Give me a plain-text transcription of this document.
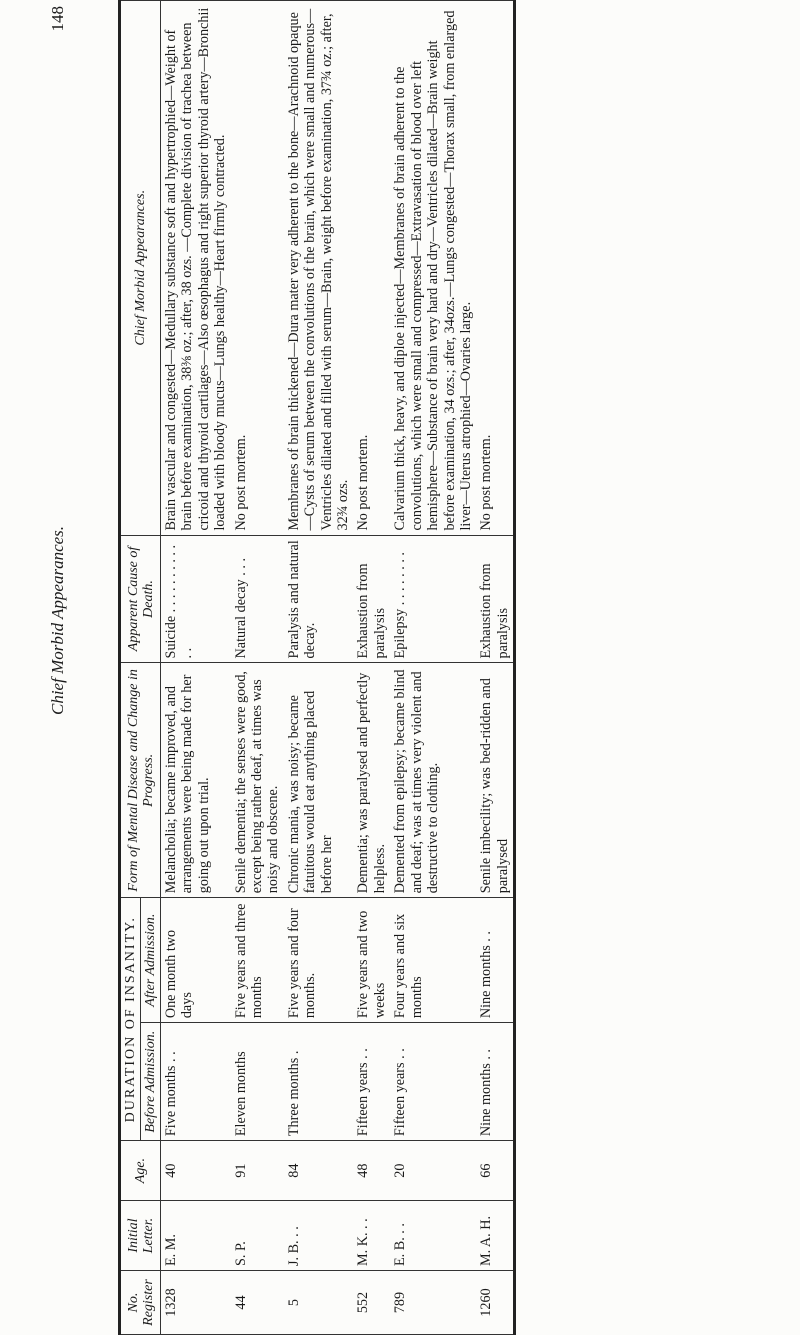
Chief Morbid Appearances.
148
No. Register	Initial Letter.	Age.	DURATION OF INSANITY.		Form of Mental Disease and Change in Progress.	Apparent Cause of Death.	Chief Morbid Appearances.
			Before Admission.	After Admission.			
1328	E. M.	40	Five months . .	One month two days	Melancholia; became improved, and arrangements were being made for her going out upon trial.	Suicide . . . . . . . . . . . .	Brain vascular and congested—Medullary substance soft and hypertrophied—Weight of brain before examination, 38⅜ oz.; after, 38 ozs. —Complete division of trachea between cricoid and thyroid cartilages—Also œsophagus and right superior thyroid artery—Bronchii loaded with bloody mucus—Lungs healthy—Heart firmly contracted.
44	S. P.	91	Eleven months	Five years and three months	Senile dementia; the senses were good, except being rather deaf, at times was noisy and obscene.	Natural decay . . .	No post mortem.
5	J. B. . .	84	Three months .	Five years and four months.	Chronic mania, was noisy; became fatuitous would eat anything placed before her	Paralysis and natural decay.	Membranes of brain thickened—Dura mater very adherent to the bone—Arachnoid opaque—Cysts of serum between the convolutions of the brain, which were small and numerous—Ventricles dilated and filled with serum—Brain, weight before examination, 37¾ oz.; after, 32¾ ozs.
552	M. K. . .	48	Fifteen years . .	Five years and two weeks	Dementia; was paralysed and perfectly helpless.	Exhaustion from paralysis	No post mortem.
789	E. B. . .	20	Fifteen years . .	Four years and six months	Demented from epilepsy; became blind and deaf; was at times very violent and destructive to clothing.	Epilepsy . . . . . . . .	Calvarium thick, heavy, and diploe injected—Membranes of brain adherent to the convolutions, which were small and compressed—Extravasation of blood over left hemisphere—Substance of brain very hard and dry—Ventricles dilated—Brain weight before examination, 34 ozs.; after, 34ozs.—Lungs congested—Thorax small, from enlarged liver—Uterus atrophied—Ovaries large.
1260	M. A. H.	66	Nine months . .	Nine months . .	Senile imbecility; was bed-ridden and paralysed	Exhaustion from paralysis	No post mortem.
